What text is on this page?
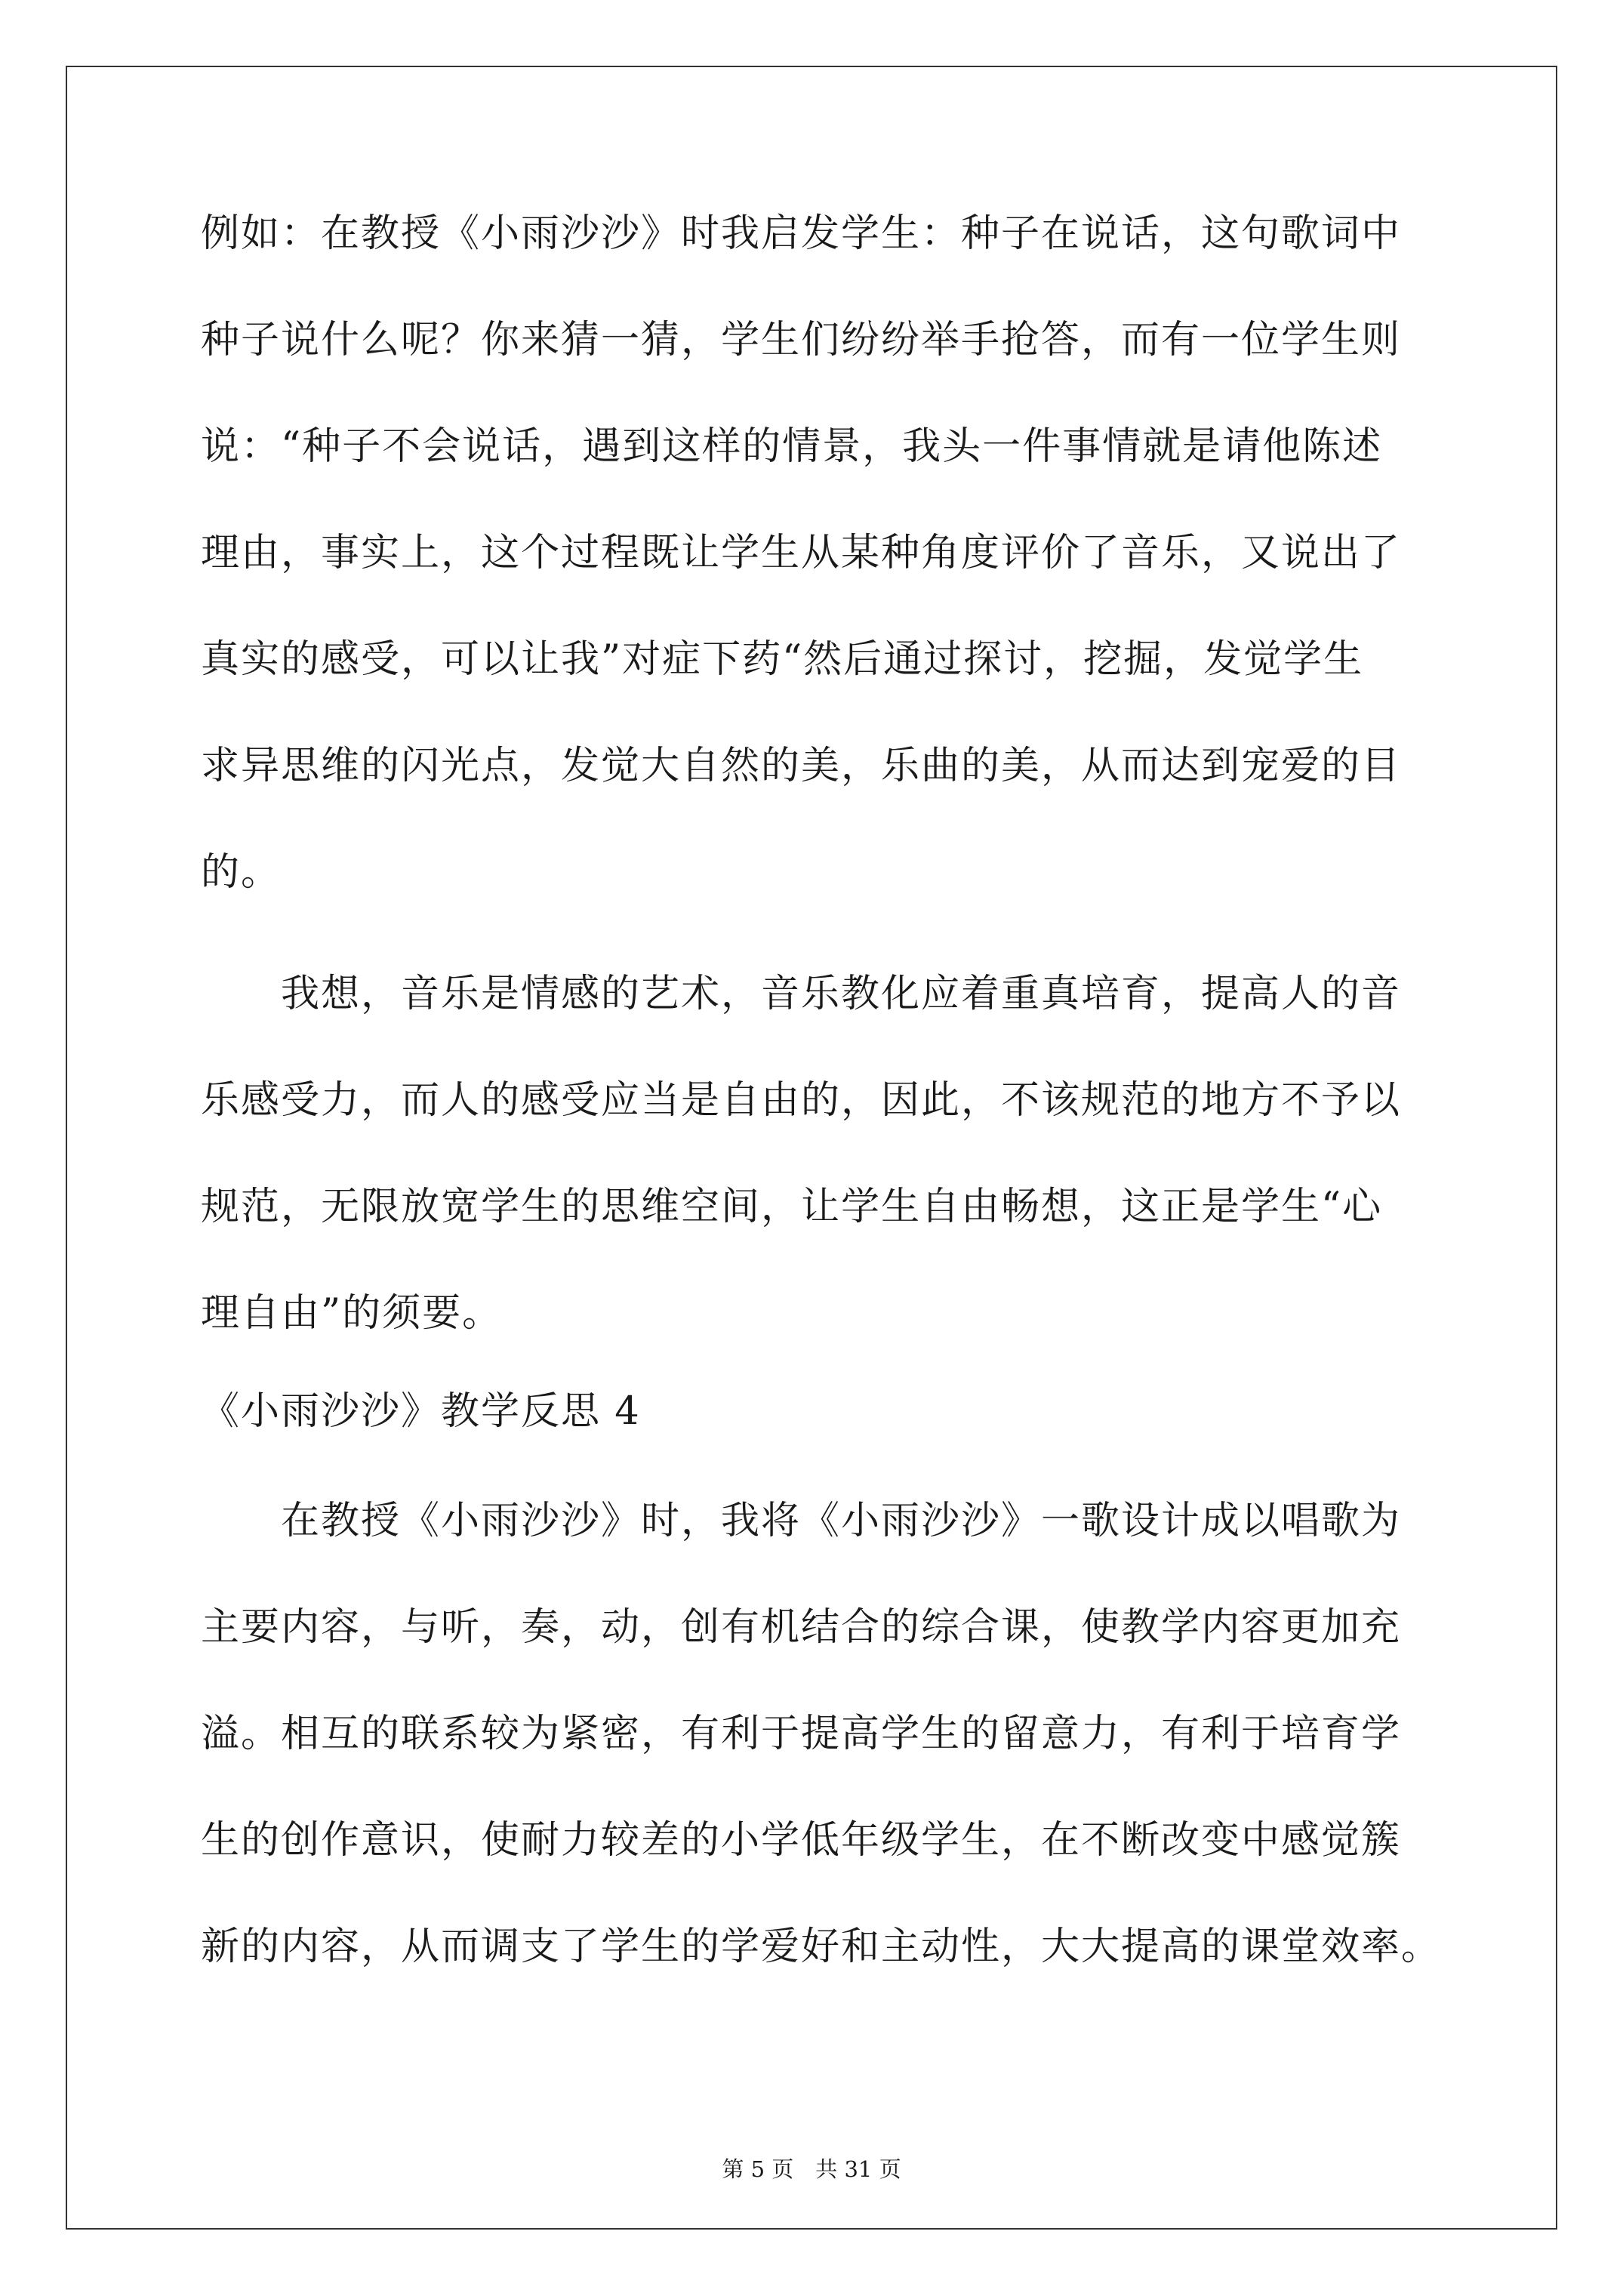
例如：在教授《小雨沙沙》时我启发学生：种子在说话，这句歌词中
种子说什么呢？你来猜一猜，学生们纷纷举手抢答，而有一位学生则
说：“种子不会说话，遇到这样的情景，我头一件事情就是请他陈述
理由，事实上，这个过程既让学生从某种角度评价了音乐，又说出了
真实的感受，可以让我”对症下药“然后通过探讨，挖掘，发觉学生
求异思维的闪光点，发觉大自然的美，乐曲的美，从而达到宠爱的目
的。
我想，音乐是情感的艺术，音乐教化应着重真培育，提高人的音
乐感受力，而人的感受应当是自由的，因此，不该规范的地方不予以
规范，无限放宽学生的思维空间，让学生自由畅想，这正是学生“心
理自由”的须要。
《小雨沙沙》教学反思 4
在教授《小雨沙沙》时，我将《小雨沙沙》一歌设计成以唱歌为
主要内容，与听，奏，动，创有机结合的综合课，使教学内容更加充
溢。相互的联系较为紧密，有利于提高学生的留意力，有利于培育学
生的创作意识，使耐力较差的小学低年级学生，在不断改变中感觉簇
新的内容，从而调支了学生的学爱好和主动性，大大提高的课堂效率。
第 5 页　共 31 页
